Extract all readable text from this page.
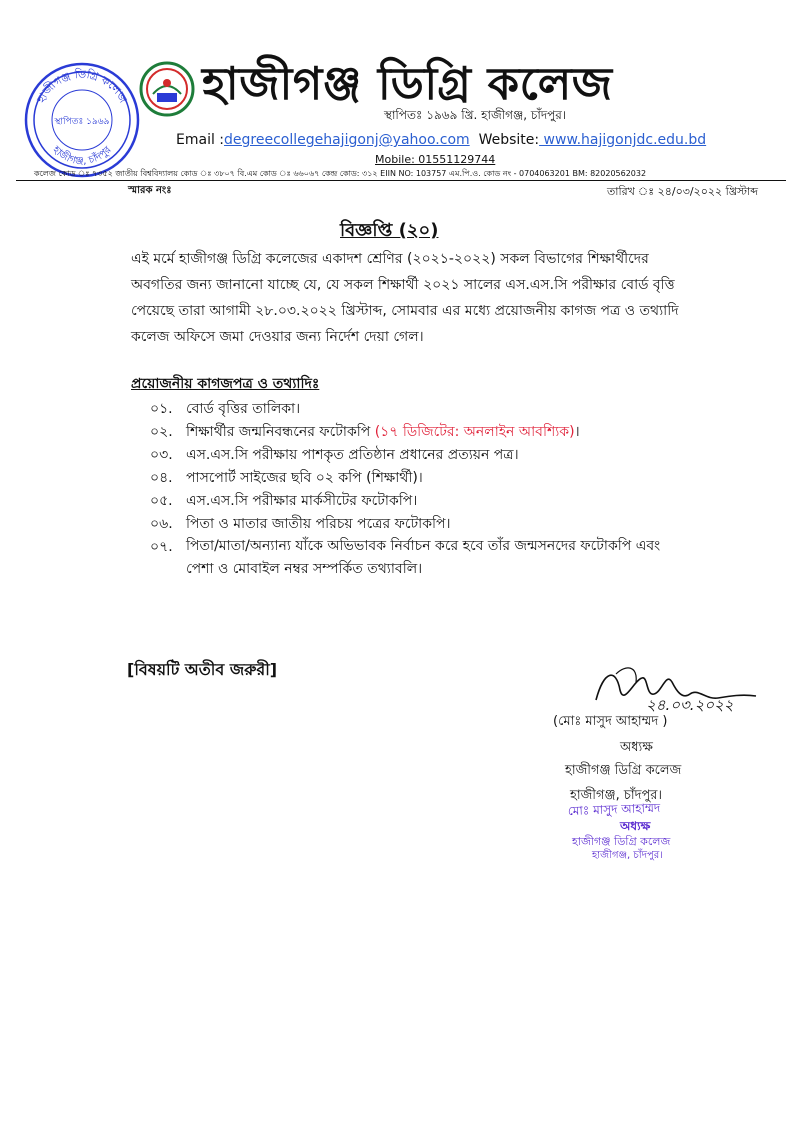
হাজীগঞ্জ ডিগ্রি কলেজ
স্থাপিতঃ ১৯৬৯
হাজীগঞ্জ, চাঁদপুর
হাজীগঞ্জ ডিগ্রি কলেজ
স্থাপিতঃ ১৯৬৯ খ্রি. হাজীগঞ্জ, চাঁদপুর।
Email :degreecollegehajigonj@yahoo.com Website: www.hajigonjdc.edu.bd
Mobile: 01551129744
কলেজ কোড ঃ ৭৩৫২ জাতীয় বিশ্ববিদ্যালয় কোড ঃ ৩৮০৭ বি.এম কোড ঃ ৬৬০৬৭ কেন্দ্র কোড: ৩১২ EIIN NO: 103757 এম.পি.ও. কোড নং - 0704063201 BM: 82020562032
স্মারক নংঃ	তারিখ ঃ ২৪/০৩/২০২২ খ্রিস্টাব্দ
বিজ্ঞপ্তি (২০)
এই মর্মে হাজীগঞ্জ ডিগ্রি কলেজের একাদশ শ্রেণির (২০২১-২০২২) সকল বিভাগের শিক্ষার্থীদের
অবগতির জন্য জানানো যাচ্ছে যে, যে সকল শিক্ষার্থী ২০২১ সালের এস.এস.সি পরীক্ষার বোর্ড বৃত্তি
পেয়েছে তারা আগামী ২৮.০৩.২০২২ খ্রিস্টাব্দ, সোমবার এর মধ্যে প্রয়োজনীয় কাগজ পত্র ও তথ্যাদি
কলেজ অফিসে জমা দেওয়ার জন্য নির্দেশ দেয়া গেল।
প্রয়োজনীয় কাগজপত্র ও তথ্যাদিঃ
০১. বোর্ড বৃত্তির তালিকা।
০২. শিক্ষার্থীর জন্মনিবন্ধনের ফটোকপি (১৭ ডিজিটের: অনলাইন আবশ্যিক)।
০৩. এস.এস.সি পরীক্ষায় পাশকৃত প্রতিষ্ঠান প্রধানের প্রত্যয়ন পত্র।
০৪. পাসপোর্ট সাইজের ছবি ০২ কপি (শিক্ষার্থী)।
০৫. এস.এস.সি পরীক্ষার মার্কসীটের ফটোকপি।
০৬. পিতা ও মাতার জাতীয় পরিচয় পত্রের ফটোকপি।
০৭. পিতা/মাতা/অন্যান্য যাঁকে অভিভাবক নির্বাচন করে হবে তাঁর জন্মসনদের ফটোকপি এবং
পেশা ও মোবাইল নম্বর সম্পর্কিত তথ্যাবলি।
[বিষয়টি অতীব জরুরী]
২৪.০৩.২০২২
(মোঃ মাসুদ আহাম্মদ )
অধ্যক্ষ
হাজীগঞ্জ ডিগ্রি কলেজ
হাজীগঞ্জ, চাঁদপুর।
মোঃ মাসুদ আহাম্মদ
অধ্যক্ষ
হাজীগঞ্জ ডিগ্রি কলেজ
হাজীগঞ্জ, চাঁদপুর।
